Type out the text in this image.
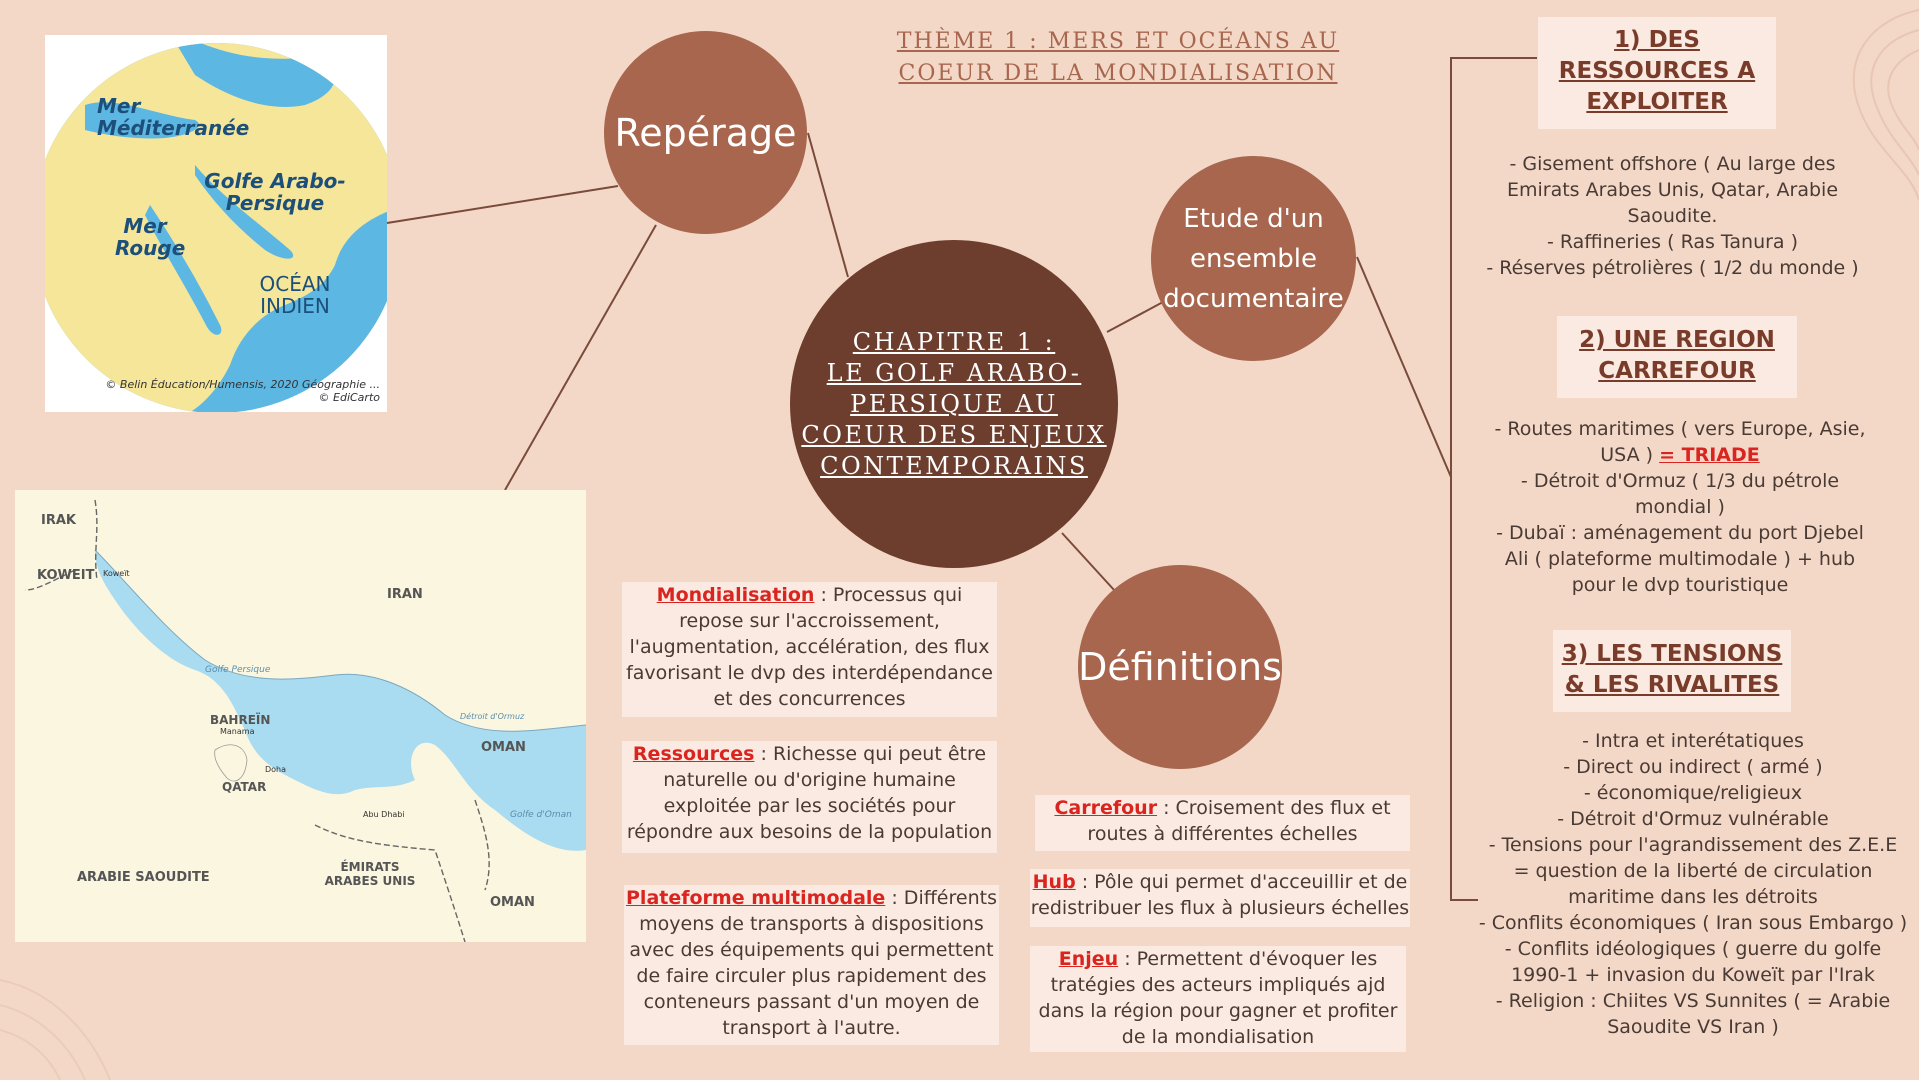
THÈME 1 : MERS ET OCÉANS AU COEUR DE LA MONDIALISATION
Mer Méditerranée
Golfe Arabo-Persique
Mer Rouge
OCÉAN INDIEN
© Belin Éducation/Humensis, 2020 Géographie ...
© EdiCarto
IRAK
KOWEIT Koweït
IRAN
Golfe Persique
BAHREÏN
Manama
Doha
QATAR
Détroit d'Ormuz
OMAN
Golfe d'Oman
Abu Dhabi
ARABIE SAOUDITE
ÉMIRATS ARABES UNIS
OMAN
Repérage
Etude d'un ensemble documentaire
Définitions
CHAPITRE 1 :
LE GOLF ARABO-
PERSIQUE AU
COEUR DES ENJEUX
CONTEMPORAINS
Mondialisation : Processus qui repose sur l'accroissement, l'augmentation, accélération, des flux favorisant le dvp des interdépendance et des concurrences
Ressources : Richesse qui peut être naturelle ou d'origine humaine exploitée par les sociétés pour répondre aux besoins de la population
Plateforme multimodale : Différents moyens de transports à dispositions avec des équipements qui permettent de faire circuler plus rapidement des conteneurs passant d'un moyen de transport à l'autre.
Carrefour : Croisement des flux et routes à différentes échelles
Hub : Pôle qui permet d'acceuillir et de redistribuer les flux à plusieurs échelles
Enjeu : Permettent d'évoquer les tratégies des acteurs impliqués ajd dans la région pour gagner et profiter de la mondialisation
1) DES RESSOURCES A EXPLOITER
- Gisement offshore ( Au large des Emirats Arabes Unis, Qatar, Arabie Saoudite.
- Raffineries ( Ras Tanura )
- Réserves pétrolières ( 1/2 du monde )
2) UNE REGION CARREFOUR
- Routes maritimes ( vers Europe, Asie, USA ) = TRIADE
- Détroit d'Ormuz ( 1/3 du pétrole mondial )
- Dubaï : aménagement du port Djebel Ali ( plateforme multimodale ) + hub pour le dvp touristique
3) LES TENSIONS & LES RIVALITES
- Intra et interétatiques
- Direct ou indirect ( armé )
- économique/religieux
- Détroit d'Ormuz vulnérable
- Tensions pour l'agrandissement des Z.E.E = question de la liberté de circulation maritime dans les détroits
- Conflits économiques ( Iran sous Embargo )
- Conflits idéologiques ( guerre du golfe 1990-1 + invasion du Koweït par l'Irak
- Religion : Chiites VS Sunnites ( = Arabie Saoudite VS Iran )
